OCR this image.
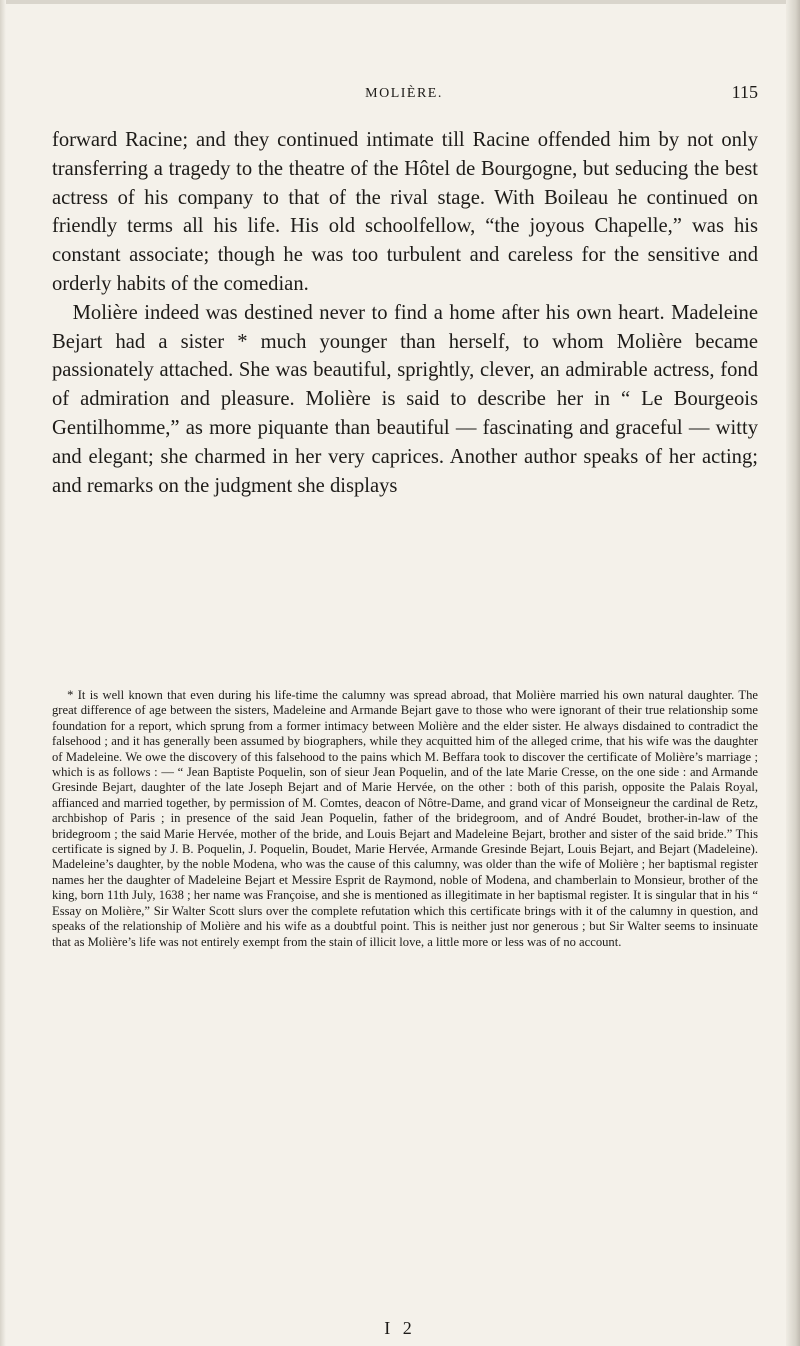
MOLIÈRE.	115

forward Racine; and they continued intimate till Racine offended him by not only transferring a tragedy to the theatre of the Hôtel de Bourgogne, but seducing the best actress of his company to that of the rival stage. With Boileau he continued on friendly terms all his life. His old schoolfellow, “the joyous Chapelle,” was his constant associate; though he was too turbulent and careless for the sensitive and orderly habits of the comedian.

Molière indeed was destined never to find a home after his own heart. Madeleine Bejart had a sister * much younger than herself, to whom Molière became passionately attached. She was beautiful, sprightly, clever, an admirable actress, fond of admiration and pleasure. Molière is said to describe her in “ Le Bourgeois Gentilhomme,” as more piquante than beautiful — fascinating and graceful — witty and elegant; she charmed in her very caprices. Another author speaks of her acting; and remarks on the judgment she displays

* It is well known that even during his life-time the calumny was spread abroad, that Molière married his own natural daughter. The great difference of age between the sisters, Madeleine and Armande Bejart gave to those who were ignorant of their true relationship some foundation for a report, which sprung from a former intimacy between Molière and the elder sister. He always disdained to contradict the falsehood ; and it has generally been assumed by biographers, while they acquitted him of the alleged crime, that his wife was the daughter of Madeleine. We owe the discovery of this falsehood to the pains which M. Beffara took to discover the certificate of Molière’s marriage ; which is as follows : — “ Jean Baptiste Poquelin, son of sieur Jean Poquelin, and of the late Marie Cresse, on the one side : and Armande Gresinde Bejart, daughter of the late Joseph Bejart and of Marie Hervée, on the other : both of this parish, opposite the Palais Royal, affianced and married together, by permission of M. Comtes, deacon of Nôtre-Dame, and grand vicar of Monseigneur the cardinal de Retz, archbishop of Paris ; in presence of the said Jean Poquelin, father of the bridegroom, and of André Boudet, brother-in-law of the bridegroom ; the said Marie Hervée, mother of the bride, and Louis Bejart and Madeleine Bejart, brother and sister of the said bride.” This certificate is signed by J. B. Poquelin, J. Poquelin, Boudet, Marie Hervée, Armande Gresinde Bejart, Louis Bejart, and Bejart (Madeleine). Madeleine’s daughter, by the noble Modena, who was the cause of this calumny, was older than the wife of Molière ; her baptismal register names her the daughter of Madeleine Bejart et Messire Esprit de Raymond, noble of Modena, and chamberlain to Monsieur, brother of the king, born 11th July, 1638 ; her name was Françoise, and she is mentioned as illegitimate in her baptismal register. It is singular that in his “ Essay on Molière,” Sir Walter Scott slurs over the complete refutation which this certificate brings with it of the calumny in question, and speaks of the relationship of Molière and his wife as a doubtful point. This is neither just nor generous ; but Sir Walter seems to insinuate that as Molière’s life was not entirely exempt from the stain of illicit love, a little more or less was of no account.

I 2
